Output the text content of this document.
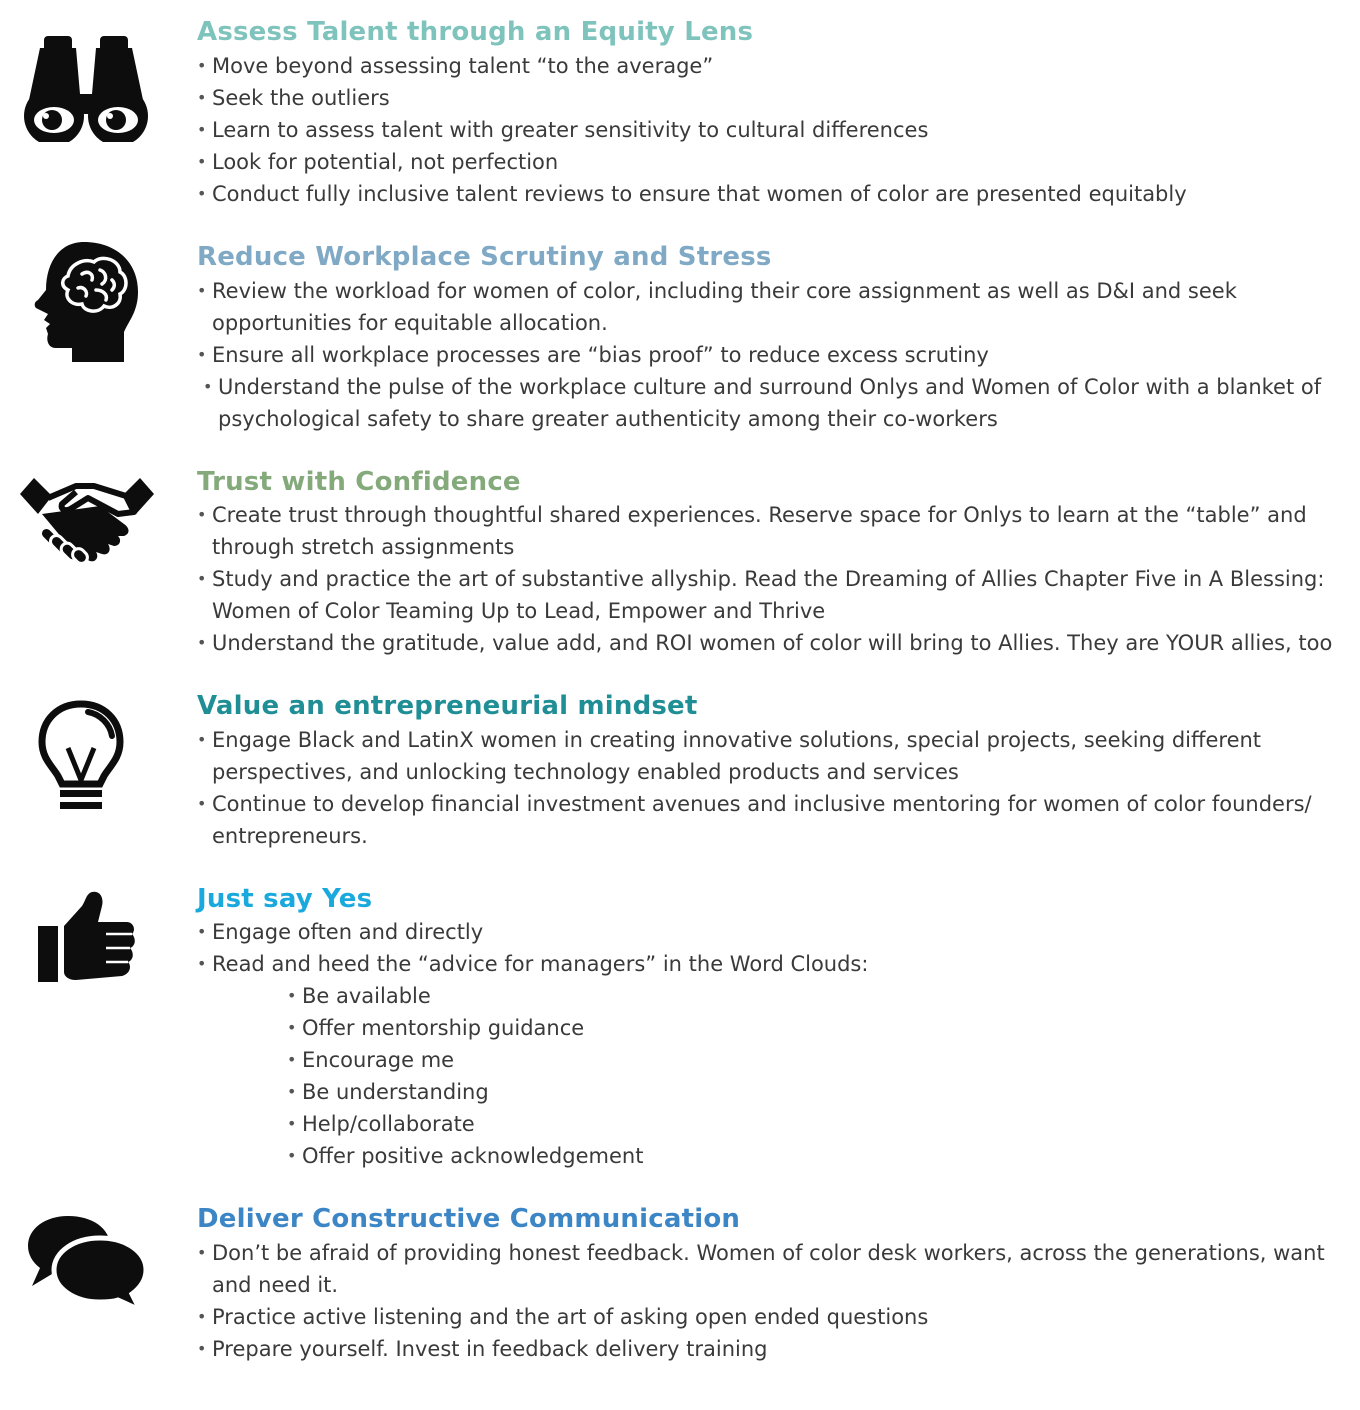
Assess Talent through an Equity Lens
• Move beyond assessing talent “to the average”
• Seek the outliers
• Learn to assess talent with greater sensitivity to cultural differences
• Look for potential, not perfection
• Conduct fully inclusive talent reviews to ensure that women of color are presented equitably
Reduce Workplace Scrutiny and Stress
• Review the workload for women of color, including their core assignment as well as D&I and seek
opportunities for equitable allocation.
• Ensure all workplace processes are “bias proof” to reduce excess scrutiny
• Understand the pulse of the workplace culture and surround Onlys and Women of Color with a blanket of
psychological safety to share greater authenticity among their co-workers
Trust with Confidence
• Create trust through thoughtful shared experiences. Reserve space for Onlys to learn at the “table” and
through stretch assignments
• Study and practice the art of substantive allyship. Read the Dreaming of Allies Chapter Five in A Blessing:
Women of Color Teaming Up to Lead, Empower and Thrive
• Understand the gratitude, value add, and ROI women of color will bring to Allies. They are YOUR allies, too
Value an entrepreneurial mindset
• Engage Black and LatinX women in creating innovative solutions, special projects, seeking different
perspectives, and unlocking technology enabled products and services
• Continue to develop financial investment avenues and inclusive mentoring for women of color founders/
entrepreneurs.
Just say Yes
• Engage often and directly
• Read and heed the “advice for managers” in the Word Clouds:
• Be available
• Offer mentorship guidance
• Encourage me
• Be understanding
• Help/collaborate
• Offer positive acknowledgement
Deliver Constructive Communication
• Don’t be afraid of providing honest feedback. Women of color desk workers, across the generations, want
and need it.
• Practice active listening and the art of asking open ended questions
• Prepare yourself. Invest in feedback delivery training
